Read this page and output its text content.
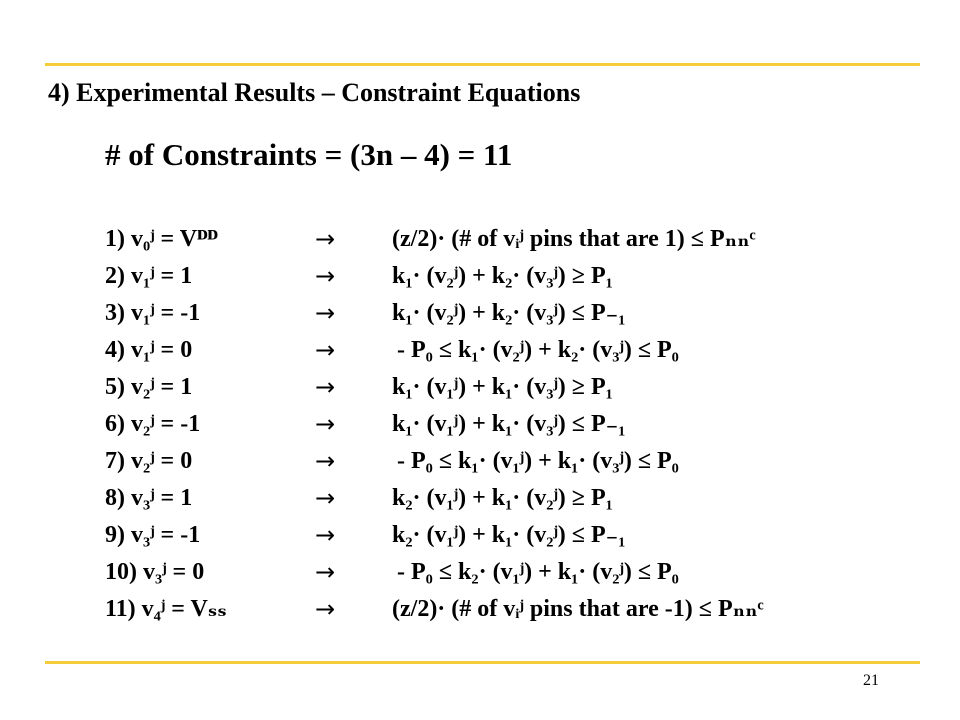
4) Experimental Results – Constraint Equations
# of Constraints = (3n – 4) = 11
1) v₀ʲ = Vᴰᴰ	→ (z/2)· (# of vᵢʲ pins that are 1) ≤ Pₙₙᶜ
2) v₁ʲ = 1	→ k₁· (v₂ʲ) + k₂· (v₃ʲ) ≥ P₁
3) v₁ʲ = -1	→ k₁· (v₂ʲ) + k₂· (v₃ʲ) ≤ P₋₁
4) v₁ʲ = 0	→	- P₀ ≤ k₁· (v₂ʲ) + k₂· (v₃ʲ) ≤ P₀
5) v₂ʲ = 1	→ k₁· (v₁ʲ) + k₁· (v₃ʲ) ≥ P₁
6) v₂ʲ = -1	→ k₁· (v₁ʲ) + k₁· (v₃ʲ) ≤ P₋₁
7) v₂ʲ = 0	→	- P₀ ≤ k₁· (v₁ʲ) + k₁· (v₃ʲ) ≤ P₀
8) v₃ʲ = 1	→ k₂· (v₁ʲ) + k₁· (v₂ʲ) ≥ P₁
9) v₃ʲ = -1	→ k₂· (v₁ʲ) + k₁· (v₂ʲ) ≤ P₋₁
10) v₃ʲ = 0	→	- P₀ ≤ k₂· (v₁ʲ) + k₁· (v₂ʲ) ≤ P₀
11) v₄ʲ = Vₛₛ	→ (z/2)· (# of vᵢʲ pins that are -1) ≤ Pₙₙᶜ
21
